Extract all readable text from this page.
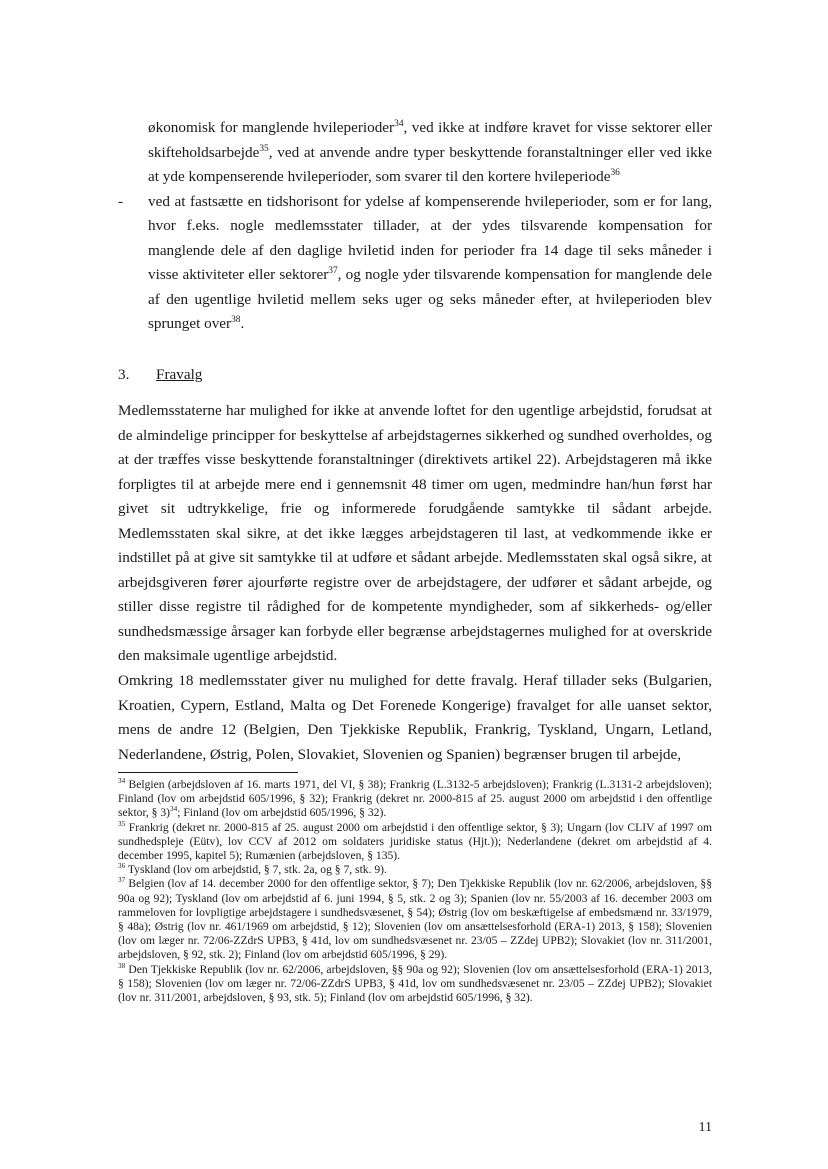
økonomisk for manglende hvileperioder$^{34}$, ved ikke at indføre kravet for visse sektorer eller skifteholdsarbejde$^{35}$, ved at anvende andre typer beskyttende foranstaltninger eller ved ikke at yde kompenserende hvileperioder, som svarer til den kortere hvileperiode$^{36}$
- ved at fastsætte en tidshorisont for ydelse af kompenserende hvileperioder, som er for lang, hvor f.eks. nogle medlemsstater tillader, at der ydes tilsvarende kompensation for manglende dele af den daglige hviletid inden for perioder fra 14 dage til seks måneder i visse aktiviteter eller sektorer$^{37}$, og nogle yder tilsvarende kompensation for manglende dele af den ugentlige hviletid mellem seks uger og seks måneder efter, at hvileperioden blev sprunget over$^{38}$.
3. Fravalg

Medlemsstaterne har mulighed for ikke at anvende loftet for den ugentlige arbejdstid, forudsat at de almindelige principper for beskyttelse af arbejdstagernes sikkerhed og sundhed overholdes, og at der træffes visse beskyttende foranstaltninger (direktivets artikel 22). Arbejdstageren må ikke forpligtes til at arbejde mere end i gennemsnit 48 timer om ugen, medmindre han/hun først har givet sit udtrykkelige, frie og informerede forudgående samtykke til sådant arbejde. Medlemsstaten skal sikre, at det ikke lægges arbejdstageren til last, at vedkommende ikke er indstillet på at give sit samtykke til at udføre et sådant arbejde. Medlemsstaten skal også sikre, at arbejdsgiveren fører ajourførte registre over de arbejdstagere, der udfører et sådant arbejde, og stiller disse registre til rådighed for de kompetente myndigheder, som af sikkerheds- og/eller sundhedsmæssige årsager kan forbyde eller begrænse arbejdstagernes mulighed for at overskride den maksimale ugentlige arbejdstid.

Omkring 18 medlemsstater giver nu mulighed for dette fravalg. Heraf tillader seks (Bulgarien, Kroatien, Cypern, Estland, Malta og Det Forenede Kongerige) fravalget for alle uanset sektor, mens de andre 12 (Belgien, Den Tjekkiske Republik, Frankrig, Tyskland, Ungarn, Letland, Nederlandene, Østrig, Polen, Slovakiet, Slovenien og Spanien) begrænser brugen til arbejde,

$^{34}$ Belgien (arbejdsloven af 16. marts 1971, del VI, § 38); Frankrig (L.3132-5 arbejdsloven); Frankrig (L.3131-2 arbejdsloven); Finland (lov om arbejdstid 605/1996, § 32); Frankrig (dekret nr. 2000-815 af 25. august 2000 om arbejdstid i den offentlige sektor, § 3)$^{34}$; Finland (lov om arbejdstid 605/1996, § 32).

$^{35}$ Frankrig (dekret nr. 2000-815 af 25. august 2000 om arbejdstid i den offentlige sektor, § 3); Ungarn (lov CLIV af 1997 om sundhedspleje (Eütv), lov CCV af 2012 om soldaters juridiske status (Hjt.)); Nederlandene (dekret om arbejdstid af 4. december 1995, kapitel 5); Rumænien (arbejdsloven, § 135).

$^{36}$ Tyskland (lov om arbejdstid, § 7, stk. 2a, og § 7, stk. 9).

$^{37}$ Belgien (lov af 14. december 2000 for den offentlige sektor, § 7); Den Tjekkiske Republik (lov nr. 62/2006, arbejdsloven, §§ 90a og 92); Tyskland (lov om arbejdstid af 6. juni 1994, § 5, stk. 2 og 3); Spanien (lov nr. 55/2003 af 16. december 2003 om rammeloven for lovpligtige arbejdstagere i sundhedsvæsenet, § 54); Østrig (lov om beskæftigelse af embedsmænd nr. 33/1979, § 48a); Østrig (lov nr. 461/1969 om arbejdstid, § 12); Slovenien (lov om ansættelsesforhold (ERA-1) 2013, § 158); Slovenien (lov om læger nr. 72/06-ZZdrS UPB3, § 41d, lov om sundhedsvæsenet nr. 23/05 – ZZdej UPB2); Slovakiet (lov nr. 311/2001, arbejdsloven, § 92, stk. 2); Finland (lov om arbejdstid 605/1996, § 29).

$^{38}$ Den Tjekkiske Republik (lov nr. 62/2006, arbejdsloven, §§ 90a og 92); Slovenien (lov om ansættelsesforhold (ERA-1) 2013, § 158); Slovenien (lov om læger nr. 72/06-ZZdrS UPB3, § 41d, lov om sundhedsvæsenet nr. 23/05 – ZZdej UPB2); Slovakiet (lov nr. 311/2001, arbejdsloven, § 93, stk. 5); Finland (lov om arbejdstid 605/1996, § 32).

11
